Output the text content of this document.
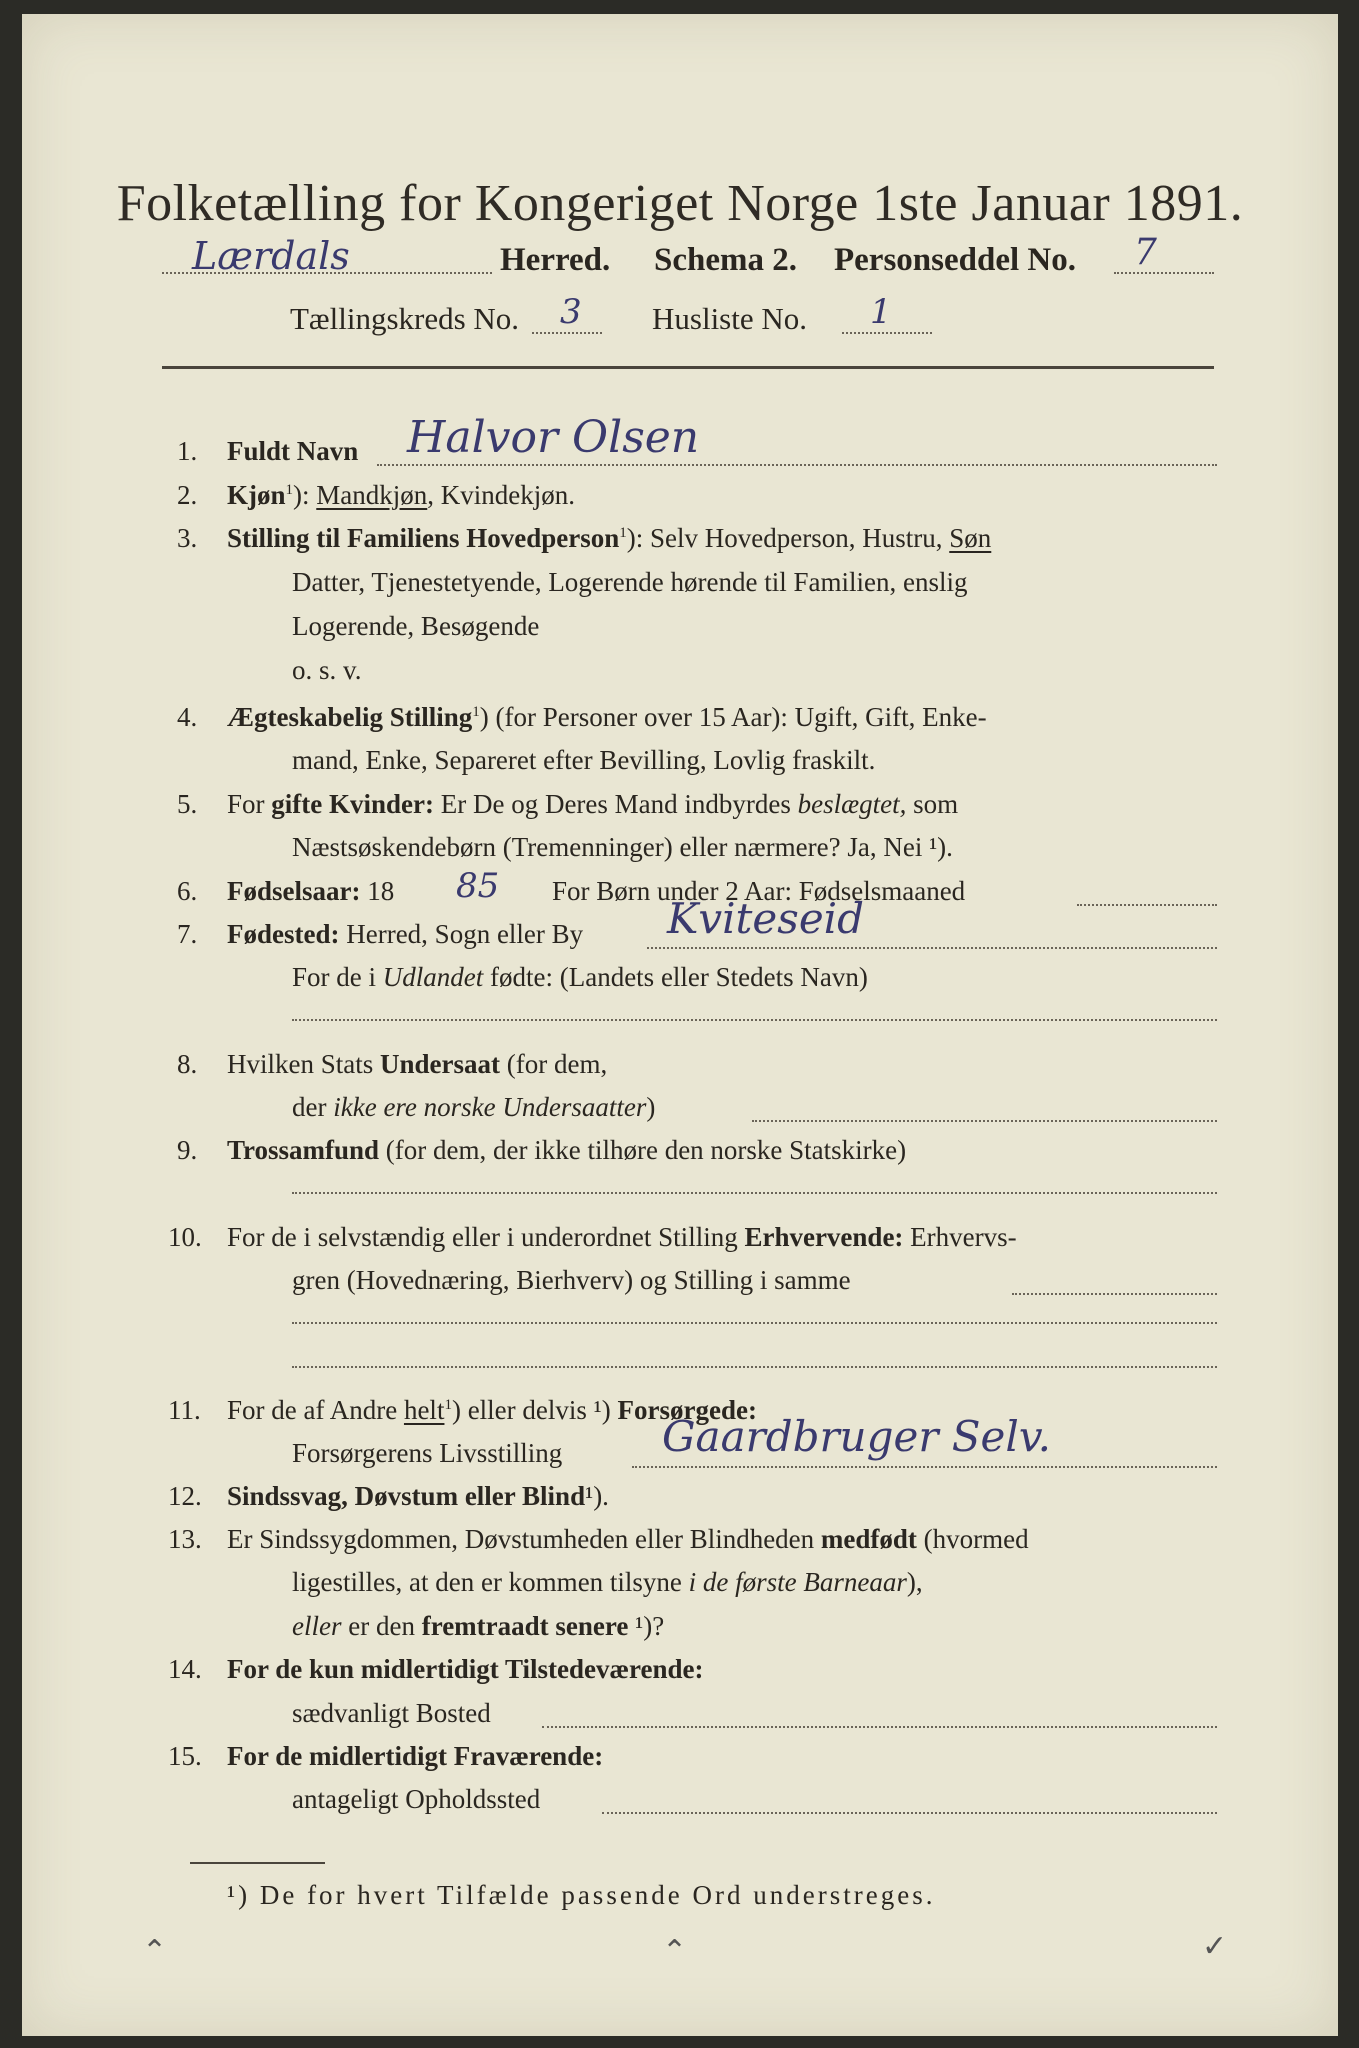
Folketælling for Kongeriget Norge 1ste Januar 1891.
Lærdals	Herred. Schema 2. Personseddel No. 7
Tællingskreds No. 3 Husliste No. 1
1. Fuldt Navn Halvor Olsen
2. Kjøn$^1$): Mandkjøn, Kvindekjøn.
3. Stilling til Familiens Hovedperson$^1$): Selv Hovedperson, Hustru, Søn
Datter, Tjenestetyende, Logerende hørende til Familien, enslig
Logerende, Besøgende
o. s. v.
4. Ægteskabelig Stilling$^1$) (for Personer over 15 Aar): Ugift, Gift, Enke-
mand, Enke, Separeret efter Bevilling, Lovlig fraskilt.
5. For gifte Kvinder: Er De og Deres Mand indbyrdes beslægtet, som
Næstsøskendebørn (Tremenninger) eller nærmere? Ja, Nei ¹).
6. Fødselsaar: 18 85 For Børn under 2 Aar: Fødselsmaaned
7. Fødested: Herred, Sogn eller By Kviteseid
For de i Udlandet fødte: (Landets eller Stedets Navn)
8. Hvilken Stats Undersaat (for dem,
der ikke ere norske Undersaatter)
9. Trossamfund (for dem, der ikke tilhøre den norske Statskirke)
10. For de i selvstændig eller i underordnet Stilling Erhvervende: Erhvervs-
gren (Hovednæring, Bierhverv) og Stilling i samme
11. For de af Andre helt$^1$) eller delvis ¹) Forsørgede:
Forsørgerens Livsstilling Gaardbruger Selv.
12. Sindssvag, Døvstum eller Blind¹).
13. Er Sindssygdommen, Døvstumheden eller Blindheden medfødt (hvormed
ligestilles, at den er kommen tilsyne i de første Barneaar),
eller er den fremtraadt senere ¹)?
14. For de kun midlertidigt Tilstedeværende:
sædvanligt Bosted
15. For de midlertidigt Fraværende:
antageligt Opholdssted
¹) De for hvert Tilfælde passende Ord understreges.
⌃	⌃	✓
